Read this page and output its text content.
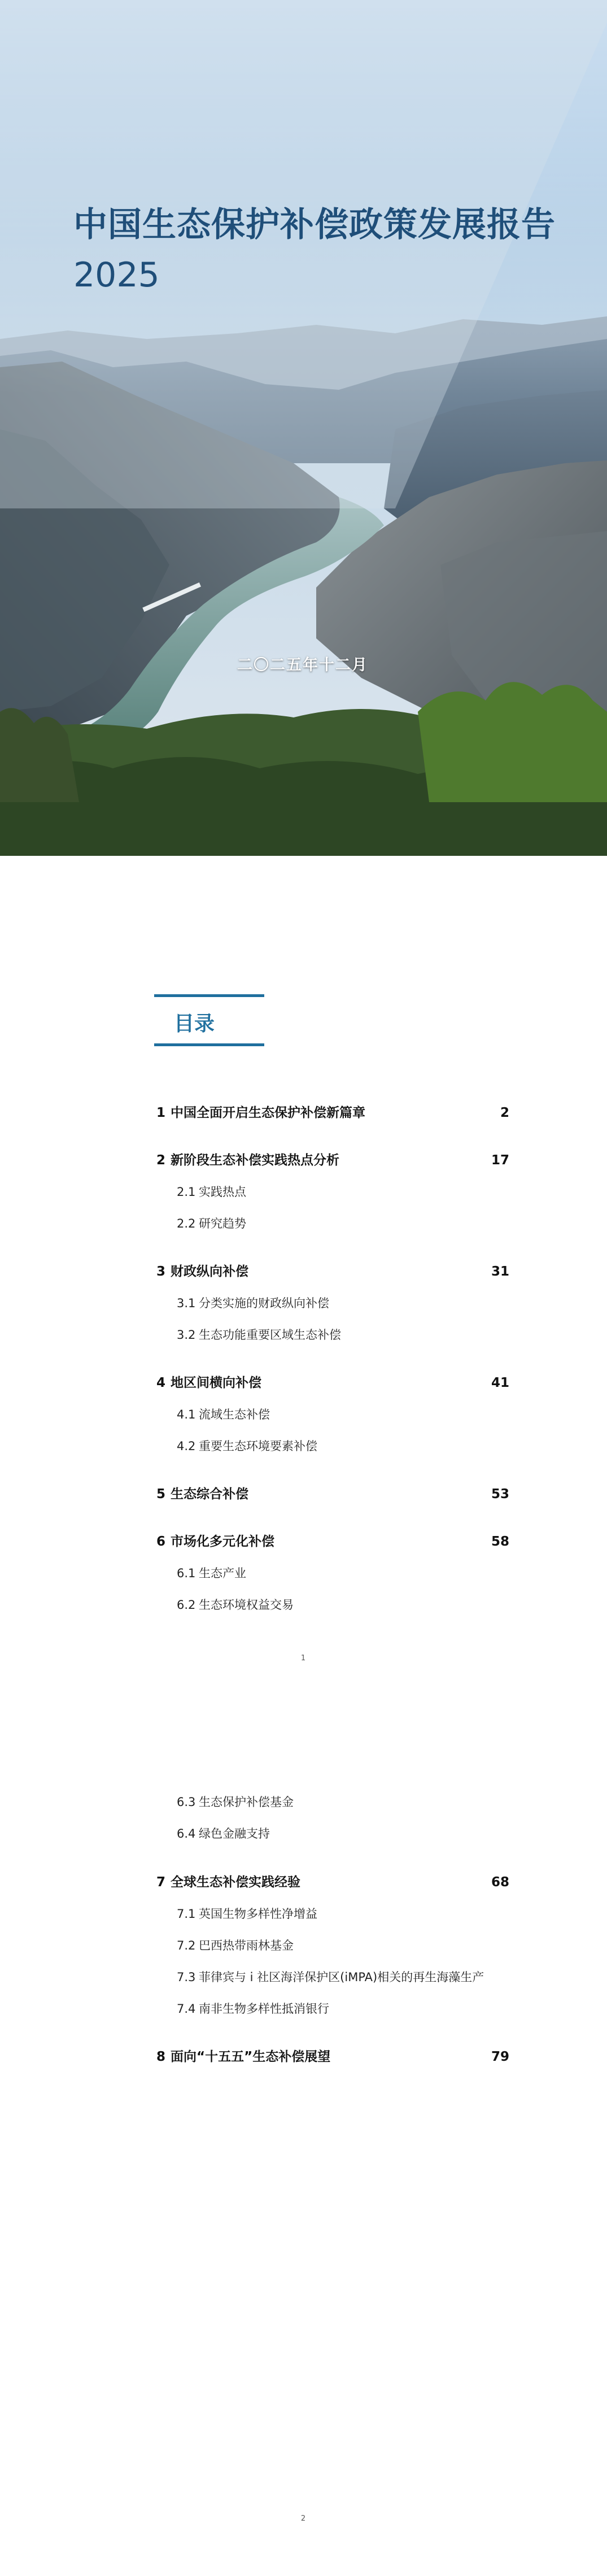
中国生态保护补偿政策发展报告
2025
二〇二五年十二月
目录
1 中国全面开启生态保护补偿新篇章	2
2 新阶段生态补偿实践热点分析	17
2.1 实践热点
2.2 研究趋势
3 财政纵向补偿	31
3.1 分类实施的财政纵向补偿
3.2 生态功能重要区域生态补偿
4 地区间横向补偿	41
4.1 流域生态补偿
4.2 重要生态环境要素补偿
5 生态综合补偿	53
6 市场化多元化补偿	58
6.1 生态产业
6.2 生态环境权益交易
1
6.3 生态保护补偿基金
6.4 绿色金融支持
7 全球生态补偿实践经验	68
7.1 英国生物多样性净增益
7.2 巴西热带雨林基金
7.3 菲律宾与 i 社区海洋保护区(iMPA)相关的再生海藻生产
7.4 南非生物多样性抵消银行
8 面向“十五五”生态补偿展望	79
2
